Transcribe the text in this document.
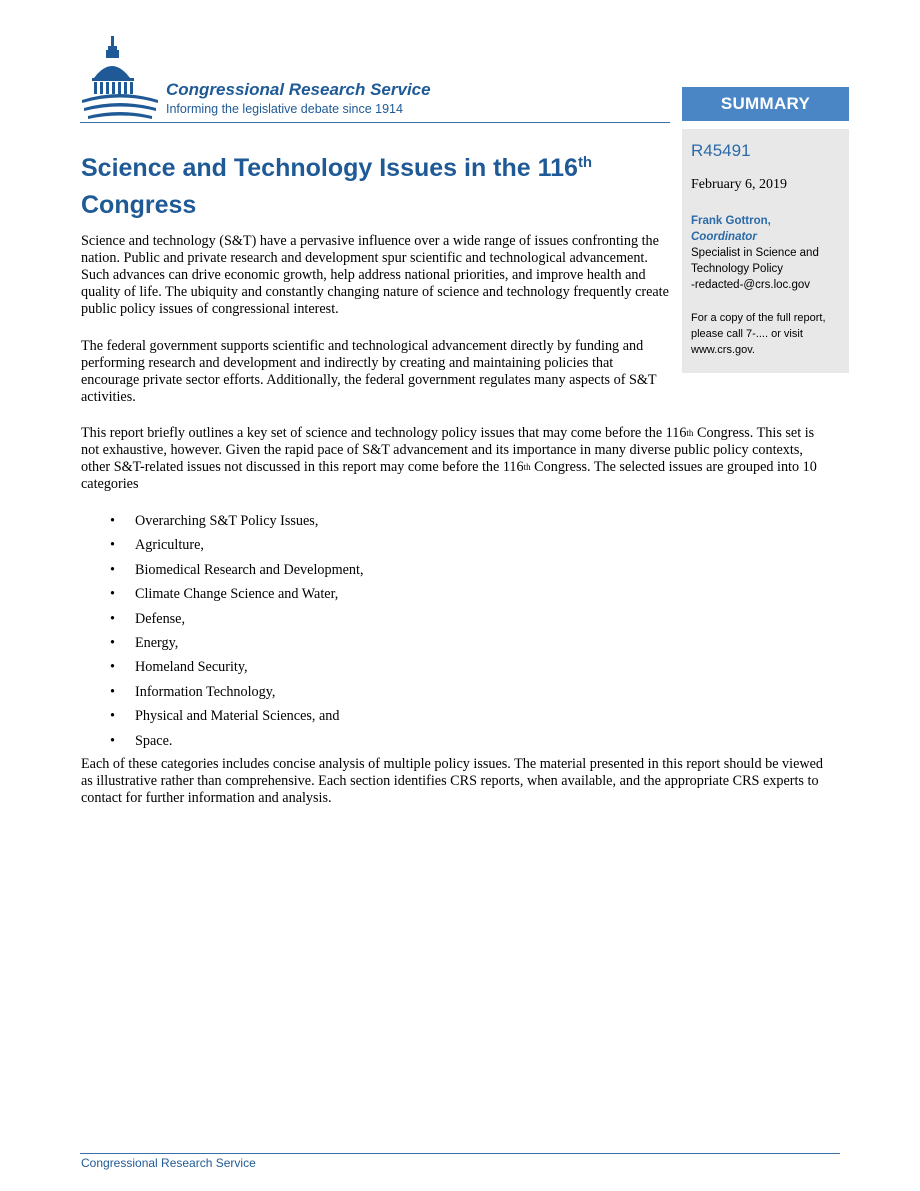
Congressional Research Service
Informing the legislative debate since 1914	SUMMARY
R45491
February 6, 2019
Frank Gottron,
Coordinator
Specialist in Science and Technology Policy
-redacted-@crs.loc.gov
For a copy of the full report, please call 7-.... or visit www.crs.gov.
Science and Technology Issues in the 116th
Congress

Science and technology (S&T) have a pervasive influence over a wide range of issues confronting the nation. Public and private research and development spur scientific and technological advancement. Such advances can drive economic growth, help address national priorities, and improve health and quality of life. The ubiquity and constantly changing nature of science and technology frequently create public policy issues of congressional interest.

The federal government supports scientific and technological advancement directly by funding and performing research and development and indirectly by creating and maintaining policies that encourage private sector efforts. Additionally, the federal government regulates many aspects of S&T activities.

This report briefly outlines a key set of science and technology policy issues that may come before the 116th Congress. This set is not exhaustive, however. Given the rapid pace of S&T advancement and its importance in many diverse public policy contexts, other S&T-related issues not discussed in this report may come before the 116th Congress. The selected issues are grouped into 10 categories

• Overarching S&T Policy Issues,
• Agriculture,
• Biomedical Research and Development,
• Climate Change Science and Water,
• Defense,
• Energy,
• Homeland Security,
• Information Technology,
• Physical and Material Sciences, and
• Space.

Each of these categories includes concise analysis of multiple policy issues. The material presented in this report should be viewed as illustrative rather than comprehensive. Each section identifies CRS reports, when available, and the appropriate CRS experts to contact for further information and analysis.

Congressional Research Service
